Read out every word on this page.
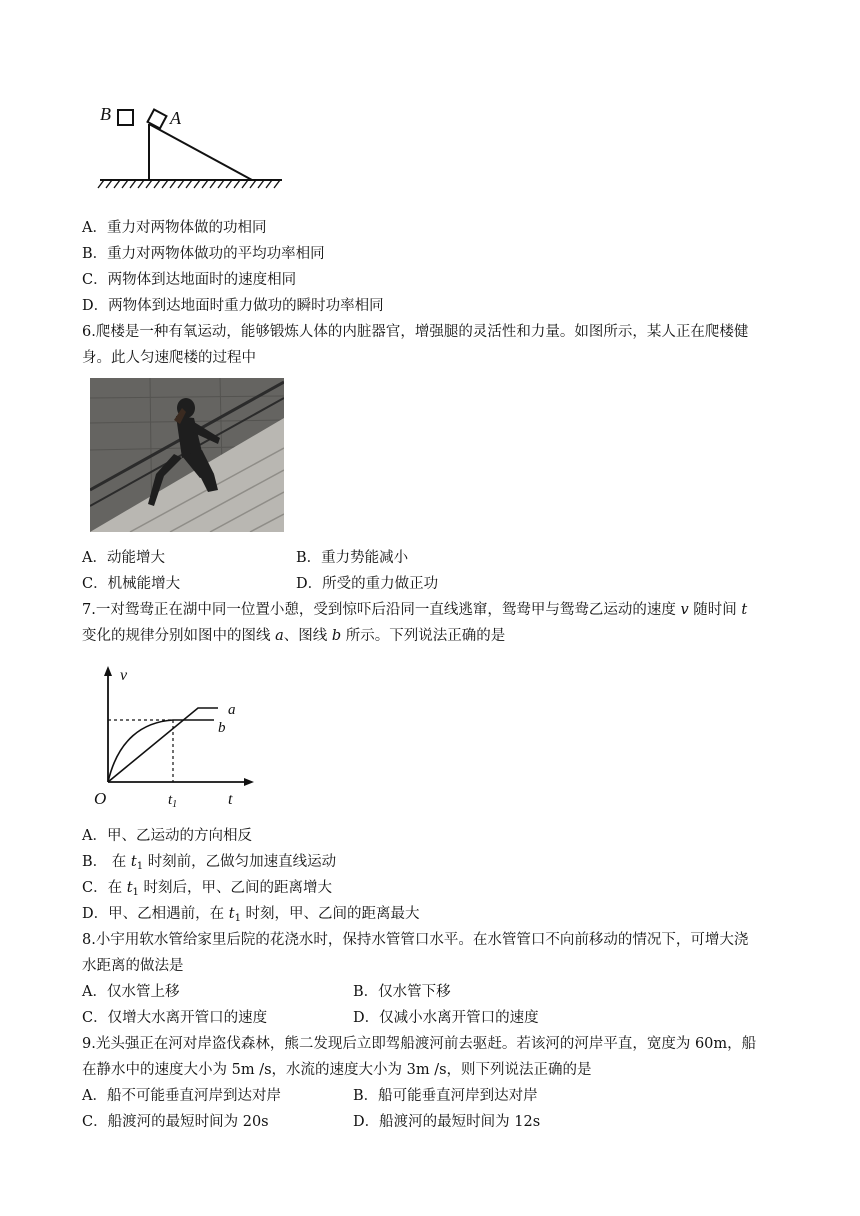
B	A
A．重力对两物体做的功相同
B．重力对两物体做功的平均功率相同
C．两物体到达地面时的速度相同
D．两物体到达地面时重力做功的瞬时功率相同
6.爬楼是一种有氧运动，能够锻炼人体的内脏器官，增强腿的灵活性和力量。如图所示，某人正在爬楼健
身。此人匀速爬楼的过程中
A．动能增大	B．重力势能减小
C．机械能增大	D．所受的重力做正功
7.一对鸳鸯正在湖中同一位置小憩，受到惊吓后沿同一直线逃窜，鸳鸯甲与鸳鸯乙运动的速度 v 随时间 t
变化的规律分别如图中的图线 a、图线 b 所示。下列说法正确的是
v
t
O	$t_1$
a
b
A．甲、乙运动的方向相反
B． 在 $t_1$ 时刻前，乙做匀加速直线运动
C．在 $t_1$ 时刻后，甲、乙间的距离增大
D．甲、乙相遇前，在 $t_1$ 时刻，甲、乙间的距离最大
8.小宇用软水管给家里后院的花浇水时，保持水管管口水平。在水管管口不向前移动的情况下，可增大浇
水距离的做法是
A．仅水管上移	B．仅水管下移
C．仅增大水离开管口的速度	D．仅减小水离开管口的速度
9.光头强正在河对岸盗伐森林，熊二发现后立即驾船渡河前去驱赶。若该河的河岸平直，宽度为 60m，船
在静水中的速度大小为 5m /s，水流的速度大小为 3m /s，则下列说法正确的是
A．船不可能垂直河岸到达对岸	B．船可能垂直河岸到达对岸
C．船渡河的最短时间为 20s	D．船渡河的最短时间为 12s
